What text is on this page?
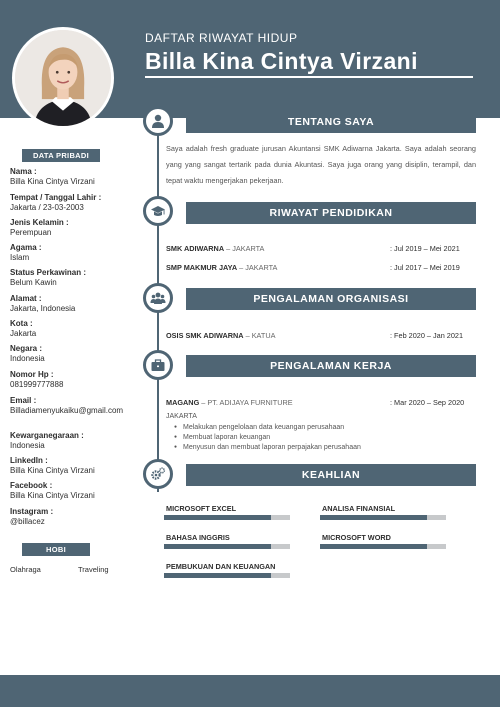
DAFTAR RIWAYAT HIDUP
Billa Kina Cintya Virzani
DATA PRIBADI
Nama :
Billa Kina Cintya Virzani
Tempat / Tanggal Lahir :
Jakarta / 23-03-2003
Jenis Kelamin :
Perempuan
Agama :
Islam
Status Perkawinan :
Belum Kawin
Alamat :
Jakarta, Indonesia
Kota :
Jakarta
Negara :
Indonesia
Nomor Hp :
081999777888
Email :
Billadiamenyukaiku@gmail.com
Kewarganegaraan :
Indonesia
LinkedIn :
Billa Kina Cintya Virzani
Facebook :
Billa Kina Cintya Virzani
Instagram :
@billacez
HOBI
Olahraga	Traveling
TENTANG SAYA
Saya adalah fresh graduate jurusan Akuntansi SMK Adiwarna Jakarta. Saya adalah seorang yang yang sangat tertarik pada dunia Akuntasi. Saya juga orang yang disiplin, terampil, dan tepat waktu mengerjakan pekerjaan.
RIWAYAT PENDIDIKAN
SMK ADIWARNA – JAKARTA	: Jul 2019 – Mei 2021
SMP MAKMUR JAYA – JAKARTA	: Jul 2017 – Mei 2019
PENGALAMAN ORGANISASI
OSIS SMK ADIWARNA – KATUA	: Feb 2020 – Jan 2021
PENGALAMAN KERJA
MAGANG – PT. ADIJAYA FURNITURE	: Mar 2020 – Sep 2020
JAKARTA
● Melakukan pengelolaan data keuangan perusahaan
● Membuat laporan keuangan
● Menyusun dan membuat laporan perpajakan perusahaan
KEAHLIAN
MICROSOFT EXCEL	ANALISA FINANSIAL
BAHASA INGGRIS	MICROSOFT WORD
PEMBUKUAN DAN KEUANGAN
